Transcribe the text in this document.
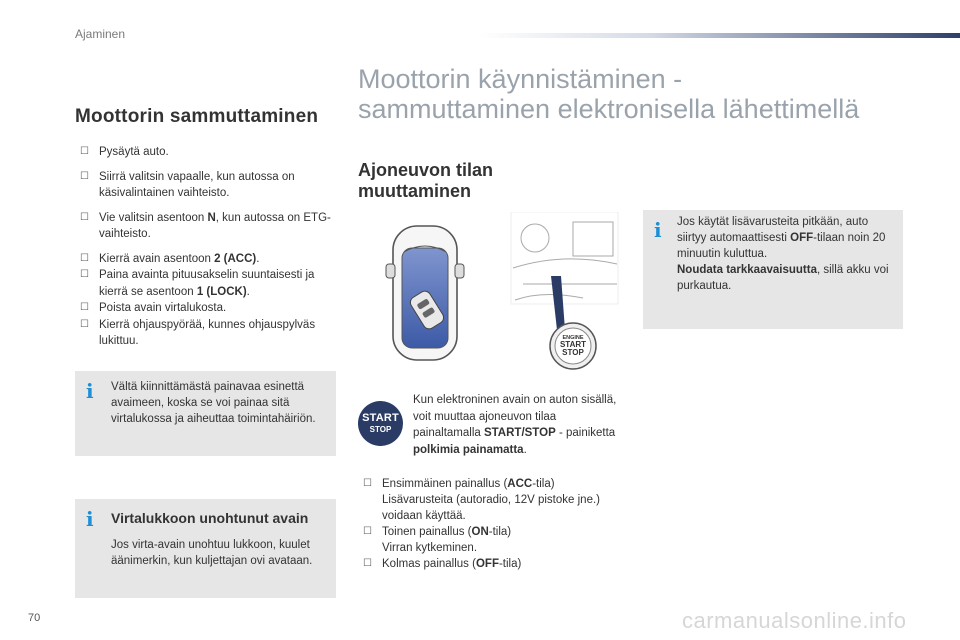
Ajaminen
Moottorin sammuttaminen
☐ Pysäytä auto.
☐ Siirrä valitsin vapaalle, kun autossa on käsivalintainen vaihteisto.
☐ Vie valitsin asentoon N, kun autossa on ETG-vaihteisto.
☐ Kierrä avain asentoon 2 (ACC).
☐ Paina avainta pituusakselin suuntaisesti ja kierrä se asentoon 1 (LOCK).
☐ Poista avain virtalukosta.
☐ Kierrä ohjauspyörää, kunnes ohjauspylväs lukittuu.
i Vältä kiinnittämästä painavaa esinettä avaimeen, koska se voi painaa sitä virtalukossa ja aiheuttaa toimintahäiriön.
i Virtalukkoon unohtunut avain
Jos virta-avain unohtuu lukkoon, kuulet äänimerkin, kun kuljettajan ovi avataan.
Moottorin käynnistäminen -
sammuttaminen elektronisella lähettimellä
Ajoneuvon tilan
muuttaminen
ENGINE
START
STOP
START
STOP
Kun elektroninen avain on auton sisällä, voit muuttaa ajoneuvon tilaa painaltamalla START/STOP - painiketta polkimia painamatta.
☐ Ensimmäinen painallus (ACC-tila)
Lisävarusteita (autoradio, 12V pistoke jne.) voidaan käyttää.
☐ Toinen painallus (ON-tila)
Virran kytkeminen.
☐ Kolmas painallus (OFF-tila)
i Jos käytät lisävarusteita pitkään, auto siirtyy automaattisesti OFF-tilaan noin 20 minuutin kuluttua.
Noudata tarkkaavaisuutta, sillä akku voi purkautua.
70	carmanualsonline.info
